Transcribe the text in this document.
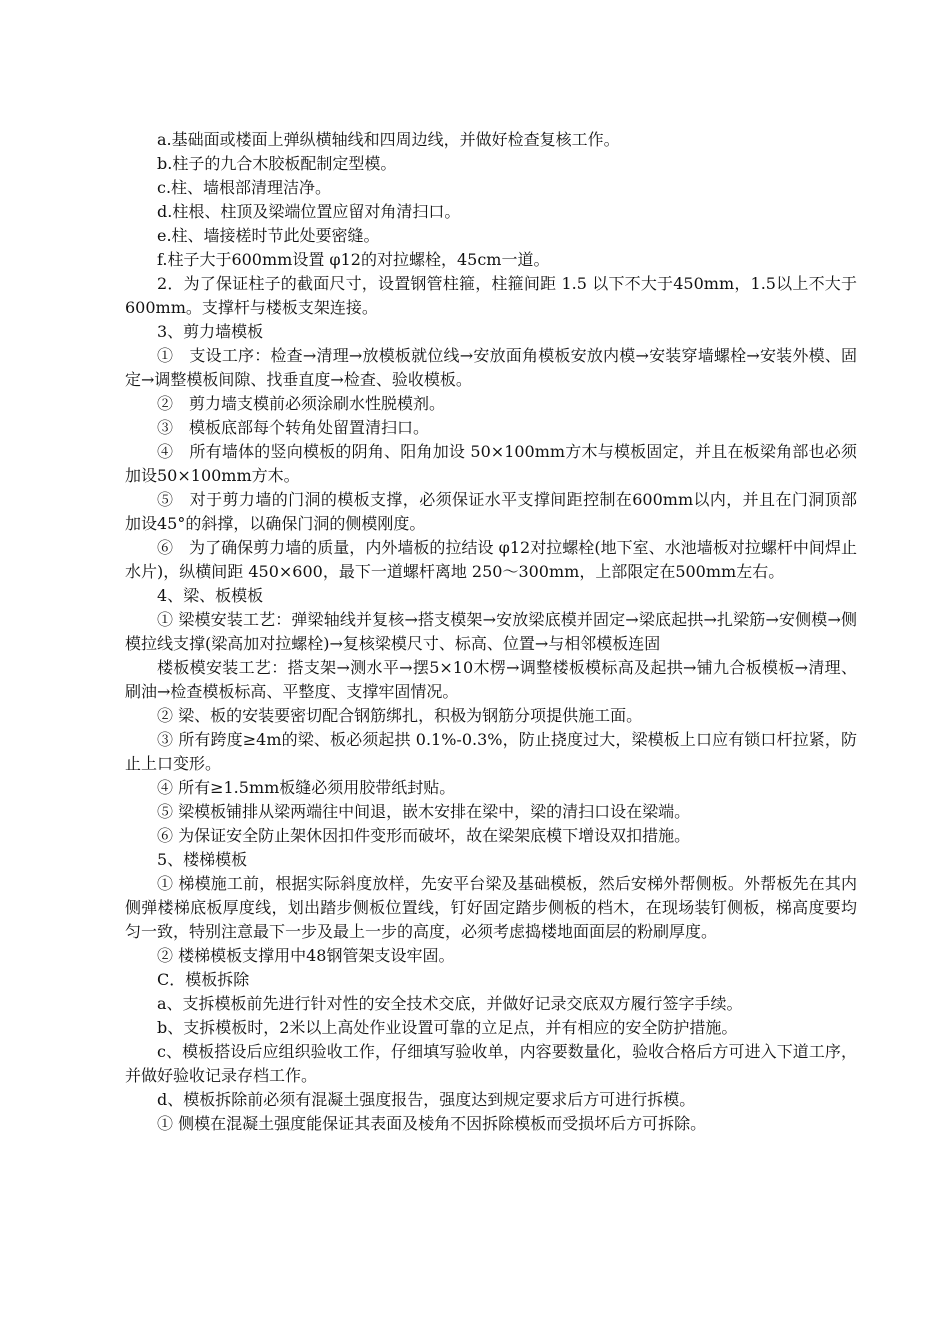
a.基础面或楼面上弹纵横轴线和四周边线，并做好检查复核工作。

b.柱子的九合木胶板配制定型模。

c.柱、墙根部清理洁净。

d.柱根、柱顶及梁端位置应留对角清扫口。

e.柱、墙接槎时节此处要密缝。

f.柱子大于600mm设置 φ12的对拉螺栓，45cm一道。

2．为了保证柱子的截面尺寸，设置钢管柱箍，柱箍间距 1.5 以下不大于450mm，1.5以上不大于600mm。支撑杆与楼板支架连接。

3、剪力墙模板

①　支设工序：检查→清理→放模板就位线→安放面角模板安放内模→安装穿墙螺栓→安装外模、固定→调整模板间隙、找垂直度→检查、验收模板。

②　剪力墙支模前必须涂刷水性脱模剂。

③　模板底部每个转角处留置清扫口。

④　所有墙体的竖向模板的阴角、阳角加设 50×100mm方木与模板固定，并且在板梁角部也必须加设50×100mm方木。

⑤　对于剪力墙的门洞的模板支撑，必须保证水平支撑间距控制在600mm以内，并且在门洞顶部加设45°的斜撑，以确保门洞的侧模刚度。

⑥　为了确保剪力墙的质量，内外墙板的拉结设 φ12对拉螺栓(地下室、水池墙板对拉螺杆中间焊止水片)，纵横间距 450×600，最下一道螺杆离地 250～300mm，上部限定在500mm左右。

4、梁、板模板

① 梁模安装工艺：弹梁轴线并复核→搭支模架→安放梁底模并固定→梁底起拱→扎梁筋→安侧模→侧模拉线支撑(梁高加对拉螺栓)→复核梁模尺寸、标高、位置→与相邻模板连固

楼板模安装工艺：搭支架→测水平→摆5×10木楞→调整楼板模标高及起拱→铺九合板模板→清理、刷油→检查模板标高、平整度、支撑牢固情况。

② 梁、板的安装要密切配合钢筋绑扎，积极为钢筋分项提供施工面。

③ 所有跨度≥4m的梁、板必须起拱 0.1%-0.3%，防止挠度过大，梁模板上口应有锁口杆拉紧，防止上口变形。

④ 所有≥1.5mm板缝必须用胶带纸封贴。

⑤ 梁模板铺排从梁两端往中间退，嵌木安排在梁中，梁的清扫口设在梁端。

⑥ 为保证安全防止架休因扣件变形而破坏，故在梁架底模下增设双扣措施。

5、楼梯模板

① 梯模施工前，根据实际斜度放样，先安平台梁及基础模板，然后安梯外帮侧板。外帮板先在其内侧弹楼梯底板厚度线，划出踏步侧板位置线，钉好固定踏步侧板的档木，在现场装钉侧板，梯高度要均匀一致，特别注意最下一步及最上一步的高度，必须考虑捣楼地面面层的粉刷厚度。

② 楼梯模板支撑用中48钢管架支设牢固。

C．模板拆除

a、支拆模板前先进行针对性的安全技术交底，并做好记录交底双方履行签字手续。

b、支拆模板时，2米以上高处作业设置可靠的立足点，并有相应的安全防护措施。

c、模板搭设后应组织验收工作，仔细填写验收单，内容要数量化，验收合格后方可进入下道工序，并做好验收记录存档工作。

d、模板拆除前必须有混凝土强度报告，强度达到规定要求后方可进行拆模。

① 侧模在混凝土强度能保证其表面及棱角不因拆除模板而受损坏后方可拆除。
